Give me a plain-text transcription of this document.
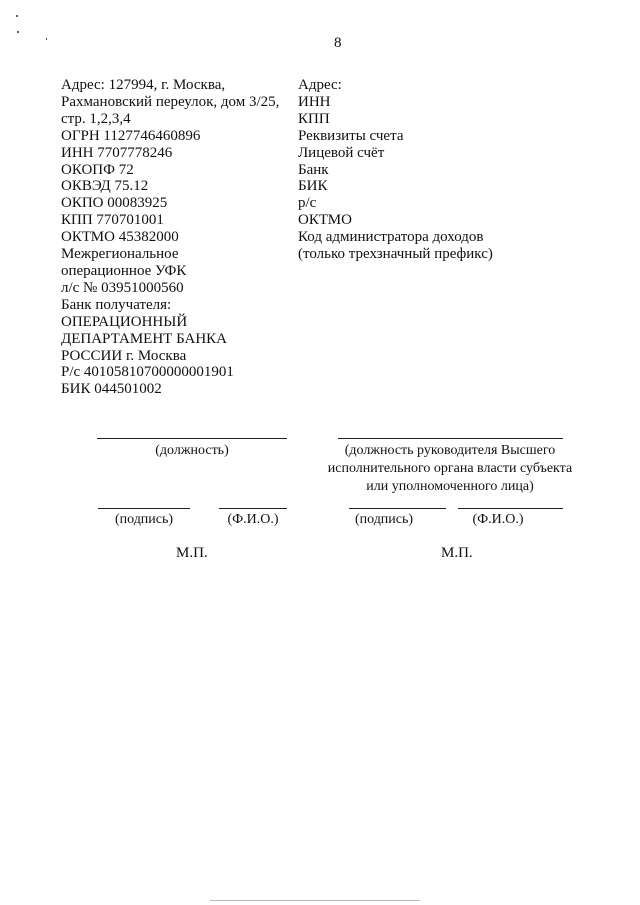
8
Адрес: 127994, г. Москва,
Рахмановский переулок, дом 3/25,
стр. 1,2,3,4
ОГРН 1127746460896
ИНН 7707778246
ОКОПФ 72
ОКВЭД 75.12
ОКПО 00083925
КПП 770701001
ОКТМО 45382000
Межрегиональное
операционное УФК
л/с № 03951000560
Банк получателя:
ОПЕРАЦИОННЫЙ
ДЕПАРТАМЕНТ БАНКА
РОССИИ г. Москва
Р/с 40105810700000001901
БИК 044501002
Адрес:
ИНН
КПП
Реквизиты счета
Лицевой счёт
Банк
БИК
р/с
ОКТМО
Код администратора доходов
(только трехзначный префикс)
(должность)
(подпись)	(Ф.И.О.)
М.П.
(должность руководителя Высшего
исполнительного органа власти субъекта
или уполномоченного лица)
(подпись)	(Ф.И.О.)
М.П.
